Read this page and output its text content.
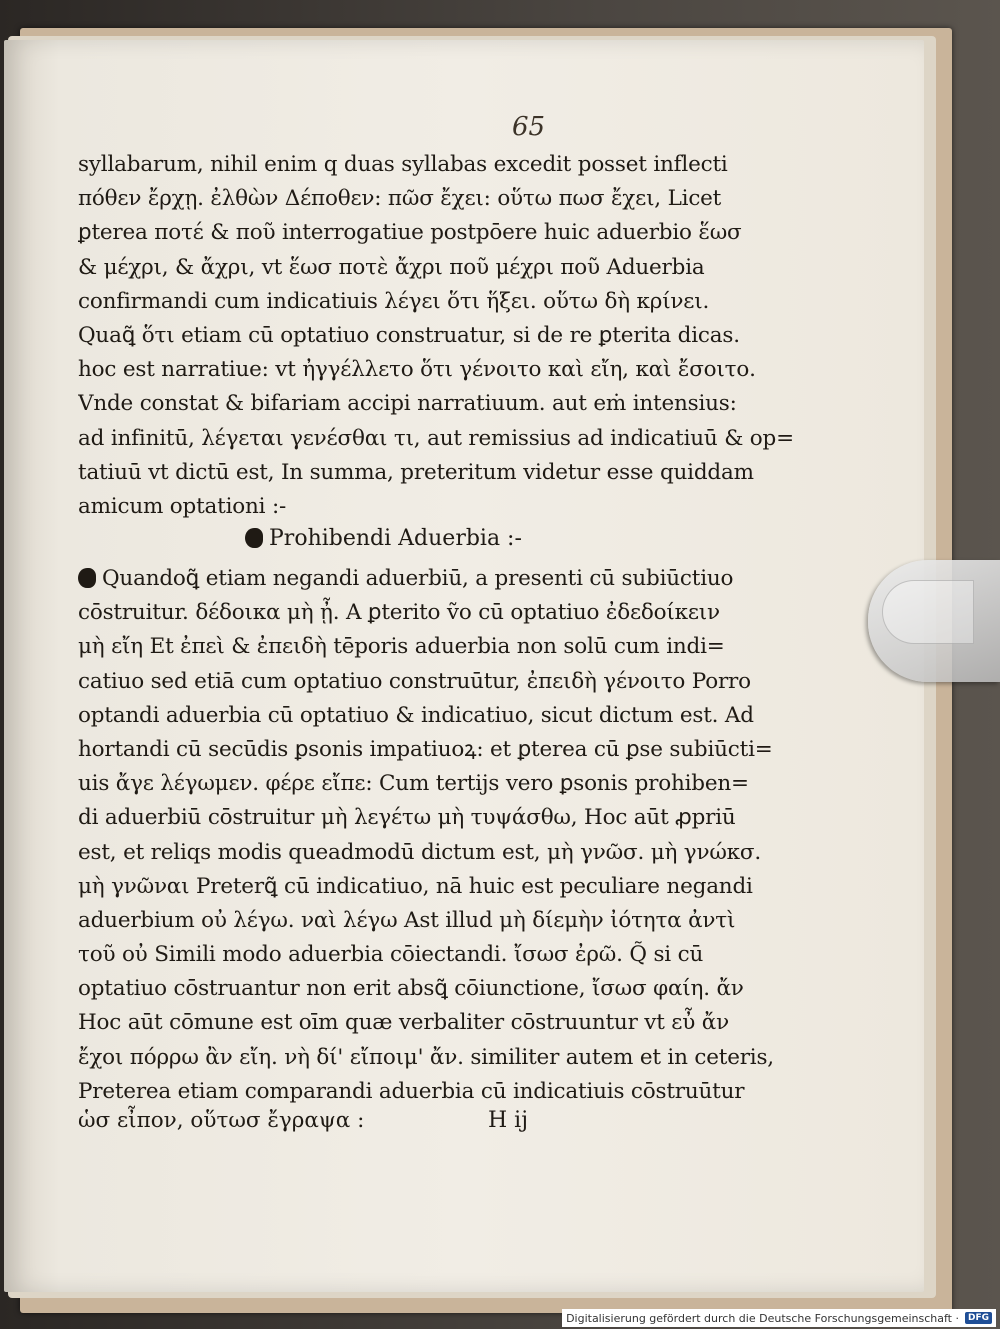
65
syllabarum, nihil enim q duas syllabas excedit posset inflecti
πόθεν ἔρχῃ. ἐλθὼν Δέποθεν: πῶσ ἔχει: οὕτω πωσ ἔχει, Licet
ꝑterea ποτέ & ποῦ interrogatiue postpōere huic aduerbio ἕωσ
& μέχρι, & ἄχρι, vt ἕωσ ποτὲ ἄχρι ποῦ μέχρι ποῦ Aduerbia
confirmandi cum indicatiuis λέγει ὅτι ἥξει. οὕτω δὴ κρίνει.
Quaꝗ̃ ὅτι etiam cū optatiuo construatur, si de re ꝑterita dicas.
hoc est narratiue: vt ἠγγέλλετο ὅτι γένοιτο καὶ εἴη, καὶ ἔσοιτο.
Vnde constat & bifariam accipi narratiuum. aut eṁ intensius:
ad infinitū, λέγεται γενέσθαι τι, aut remissius ad indicatiuū & op=
tatiuū vt dictū est, In summa, preteritum videtur esse quiddam
amicum optationi :-
Prohibendi Aduerbia :-
Quandoꝗ̃ etiam negandi aduerbiū, a presenti cū subiūctiuo
cōstruitur. δέδοικα μὴ ᾖ. A ꝑterito ṽo cū optatiuo ἐδεδοίκειν
μὴ εἴη Et ἐπεὶ & ἐπειδὴ tēporis aduerbia non solū cum indi=
catiuo sed etiā cum optatiuo construūtur, ἐπειδὴ γένοιτο Porro
optandi aduerbia cū optatiuo & indicatiuo, sicut dictum est. Ad
hortandi cū secūdis ꝑsonis impatiuoꝝ: et ꝑterea cū ꝑse subiūcti=
uis ἄγε λέγωμεν. φέρε εἴπε: Cum tertijs vero ꝑsonis prohiben=
di aduerbiū cōstruitur μὴ λεγέτω μὴ τυψάσθω, Hoc aūt ꝓpriū
est, et reliqs modis queadmodū dictum est, μὴ γνῶσ. μὴ γνώκσ.
μὴ γνῶναι Preterꝗ̃ cū indicatiuo, nā huic est peculiare negandi
aduerbium οὐ λέγω. ναὶ λέγω Ast illud μὴ δίεμὴν ἰότητα ἀντὶ
τοῦ οὐ Simili modo aduerbia cōiectandi. ἴσωσ ἐρῶ. Q̃ si cū
optatiuo cōstruantur non erit absꝗ̃ cōiunctione, ἴσωσ φαίη. ἄν
Hoc aūt cōmune est oīm quæ verbaliter cōstruuntur vt εὖ ἄν
ἔχοι πόρρω ἂν εἴη. νὴ δί' εἴποιμ' ἄν. similiter autem et in ceteris,
Preterea etiam comparandi aduerbia cū indicatiuis cōstruūtur
ὡσ εἶπον, οὕτωσ ἔγραψα :	H ij
Digitalisierung gefördert durch die Deutsche Forschungsgemeinschaft ·	DFG
